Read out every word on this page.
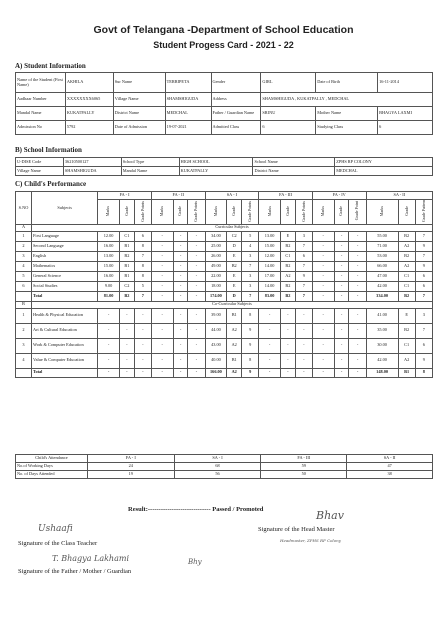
Govt of Telangana -Department of School Education
Student Progess Card - 2021 - 22
A) Student Information
Name of the Student (First Name)	AKHILA	Sur Name	TERRIPETA	Gender	GIRL	Date of Birth	16-11-2014
Aadhaar Number	XXXXXXXX6065	Village Name	SHAMSHIGUDA	Address	SHAMSHIGUDA , KUKATPALLY , MEDCHAL		
Mandal Name	KUKATPALLY	District Name	MEDCHAL	Father / Guardian Name	SRINU	Mother Name	BHAGYA LAXMI
Admission No	5792	Date of Admission	19-07-2021	Admitted Class	6	Studying Class	6
B) School Information
U-DISE Code	36210500127	School Type	HIGH SCHOOL	School Name	ZPHS RP COLONY
Village Name	SHAMSHIGUDA	Mandal Name	KUKATPALLY	District Name	MEDCHAL
C) Child's Performance
S.NO	Subjects	FA - I			FA - II			SA - I			FA - III			FA - IV			SA - II		
		Marks	Grade	Grade Points	Marks	Grade	Grade Points	Marks	Grade	Grade Points	Marks	Grade	Grade Points	Marks	Grade	Grade Point	Marks	Grade	Grade Pattern
A	Curricular Subjects																		
1	First Language	12.00	C1	6	-	-	-	34.00	C2	5	13.00	E	3	-	-	-	55.00	B2	7
2	Second Language	16.00	B1	8	-	-	-	25.00	D	4	15.00	B2	7	-	-	-	71.00	A2	9
3	English	13.00	B2	7	-	-	-	26.00	E	3	12.00	C1	6	-	-	-	53.00	B2	7
4	Mathematics	15.00	B1	8	-	-	-	49.00	B2	7	14.00	B2	7	-	-	-	66.00	A2	9
5	General Science	16.00	B1	8	-	-	-	22.00	E	3	17.00	A2	9	-	-	-	47.00	C1	6
6	Social Studies	9.00	C2	5	-	-	-	18.00	E	3	14.00	B2	7	-	-	-	42.00	C1	6
	Total	81.00	B2	7	-	-	-	174.00	D	7	83.00	B2	7	-	-	-	334.00	B2	7
B	Co-Curricular Subjects																		
1	Health & Physical Education	-	-	-	-	-	-	39.00	B1	8	-	-	-	-	-	-	41.00	E	3
2	Art & Cultural Education	-	-	-	-	-	-	44.00	A2	9	-	-	-	-	-	-	35.00	B2	7
3	Work & Computer Education	-	-	-	-	-	-	43.00	A2	9	-	-	-	-	-	-	30.00	C1	6
4	Value & Computer Education	-	-	-	-	-	-	40.00	B1	8	-	-	-	-	-	-	42.00	A2	9
	Total	-	-	-	-	-	-	166.00	A2	9	-	-	-	-	-	-	148.00	B1	8
Child's Attendance	FA - I	SA - I	FA - III	SA - II
No.of Working Days	24	68	59	47
No. of Days Attended	19	56	50	38
Result:----------------------------- Passed / Promoted
Ushaafi
Signature of the Class Teacher
Bhav
Signature of the Head Master
Headmaster, ZPHS RP Colony
T. Bhagya Lakhami
Signature of the Father / Mother / Guardian
Bhy
